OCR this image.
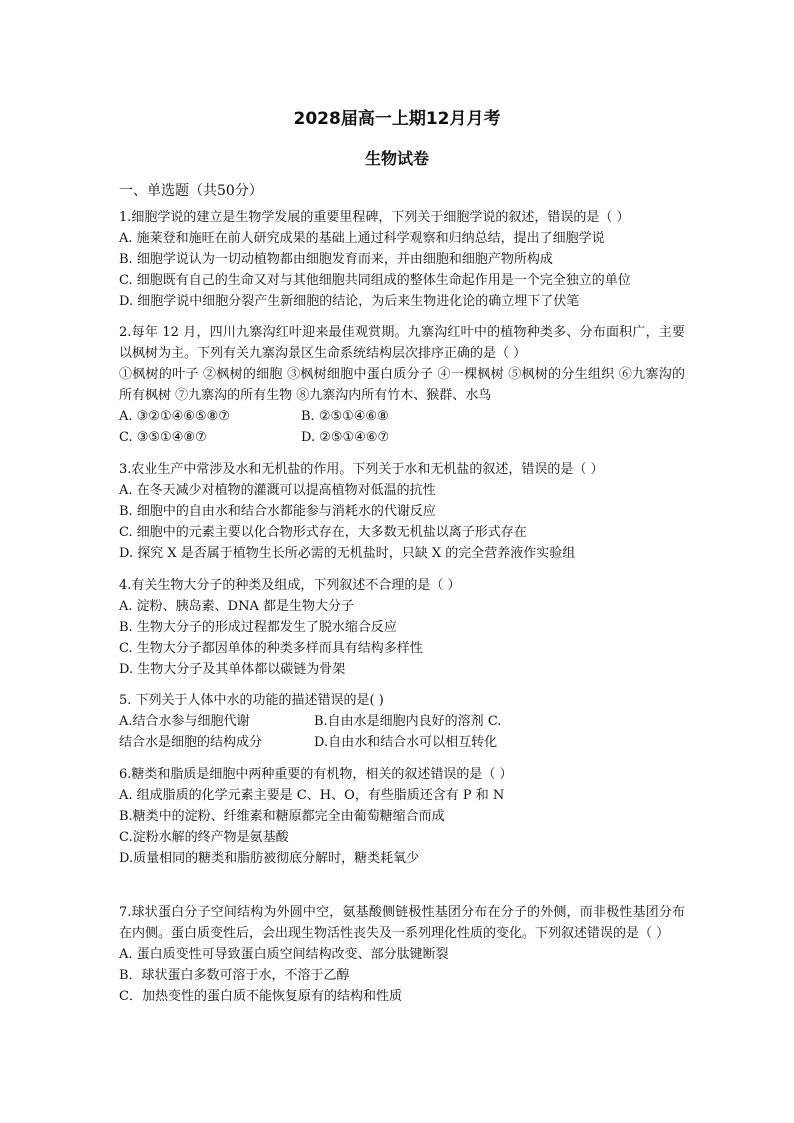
2028届高一上期12月月考
生物试卷
一、单选题（共50分）

1.细胞学说的建立是生物学发展的重要里程碑，下列关于细胞学说的叙述，错误的是（ ）

A. 施莱登和施旺在前人研究成果的基础上通过科学观察和归纳总结，提出了细胞学说

B. 细胞学说认为一切动植物都由细胞发育而来，并由细胞和细胞产物所构成

C. 细胞既有自己的生命又对与其他细胞共同组成的整体生命起作用是一个完全独立的单位

D. 细胞学说中细胞分裂产生新细胞的结论，为后来生物进化论的确立埋下了伏笔

2.每年 12 月，四川九寨沟红叶迎来最佳观赏期。九寨沟红叶中的植物种类多、分布面积广，主要以枫树为主。下列有关九寨沟景区生命系统结构层次排序正确的是（ ）

①枫树的叶子 ②枫树的细胞 ③枫树细胞中蛋白质分子 ④一棵枫树 ⑤枫树的分生组织 ⑥九寨沟的所有枫树 ⑦九寨沟的所有生物 ⑧九寨沟内所有竹木、猴群、水鸟

A. ③②①④⑥⑤⑧⑦	B. ②⑤①④⑥⑧
C. ③⑤①④⑧⑦	D. ②⑤①④⑥⑦

3.农业生产中常涉及水和无机盐的作用。下列关于水和无机盐的叙述，错误的是（ ）

A. 在冬天减少对植物的灌溉可以提高植物对低温的抗性

B. 细胞中的自由水和结合水都能参与消耗水的代谢反应

C. 细胞中的元素主要以化合物形式存在，大多数无机盐以离子形式存在

D. 探究 X 是否属于植物生长所必需的无机盐时，只缺 X 的完全营养液作实验组

4.有关生物大分子的种类及组成，下列叙述不合理的是（ ）

A. 淀粉、胰岛素、DNA 都是生物大分子

B. 生物大分子的形成过程都发生了脱水缩合反应

C. 生物大分子都因单体的种类多样而具有结构多样性

D. 生物大分子及其单体都以碳链为骨架

5. 下列关于人体中水的功能的描述错误的是( )

A.结合水参与细胞代谢	B.自由水是细胞内良好的溶剂 C.
结合水是细胞的结构成分	D.自由水和结合水可以相互转化

6.糖类和脂质是细胞中两种重要的有机物，相关的叙述错误的是（ ）

A. 组成脂质的化学元素主要是 C、H、O，有些脂质还含有 P 和 N

B.糖类中的淀粉、纤维素和糖原都完全由葡萄糖缩合而成

C.淀粉水解的终产物是氨基酸

D.质量相同的糖类和脂肪被彻底分解时，糖类耗氧少

7.球状蛋白分子空间结构为外圆中空，氨基酸侧链极性基团分布在分子的外侧，而非极性基团分布在内侧。蛋白质变性后，会出现生物活性丧失及一系列理化性质的变化。下列叙述错误的是（ ）

A. 蛋白质变性可导致蛋白质空间结构改变、部分肽键断裂

B．球状蛋白多数可溶于水，不溶于乙醇

C．加热变性的蛋白质不能恢复原有的结构和性质
